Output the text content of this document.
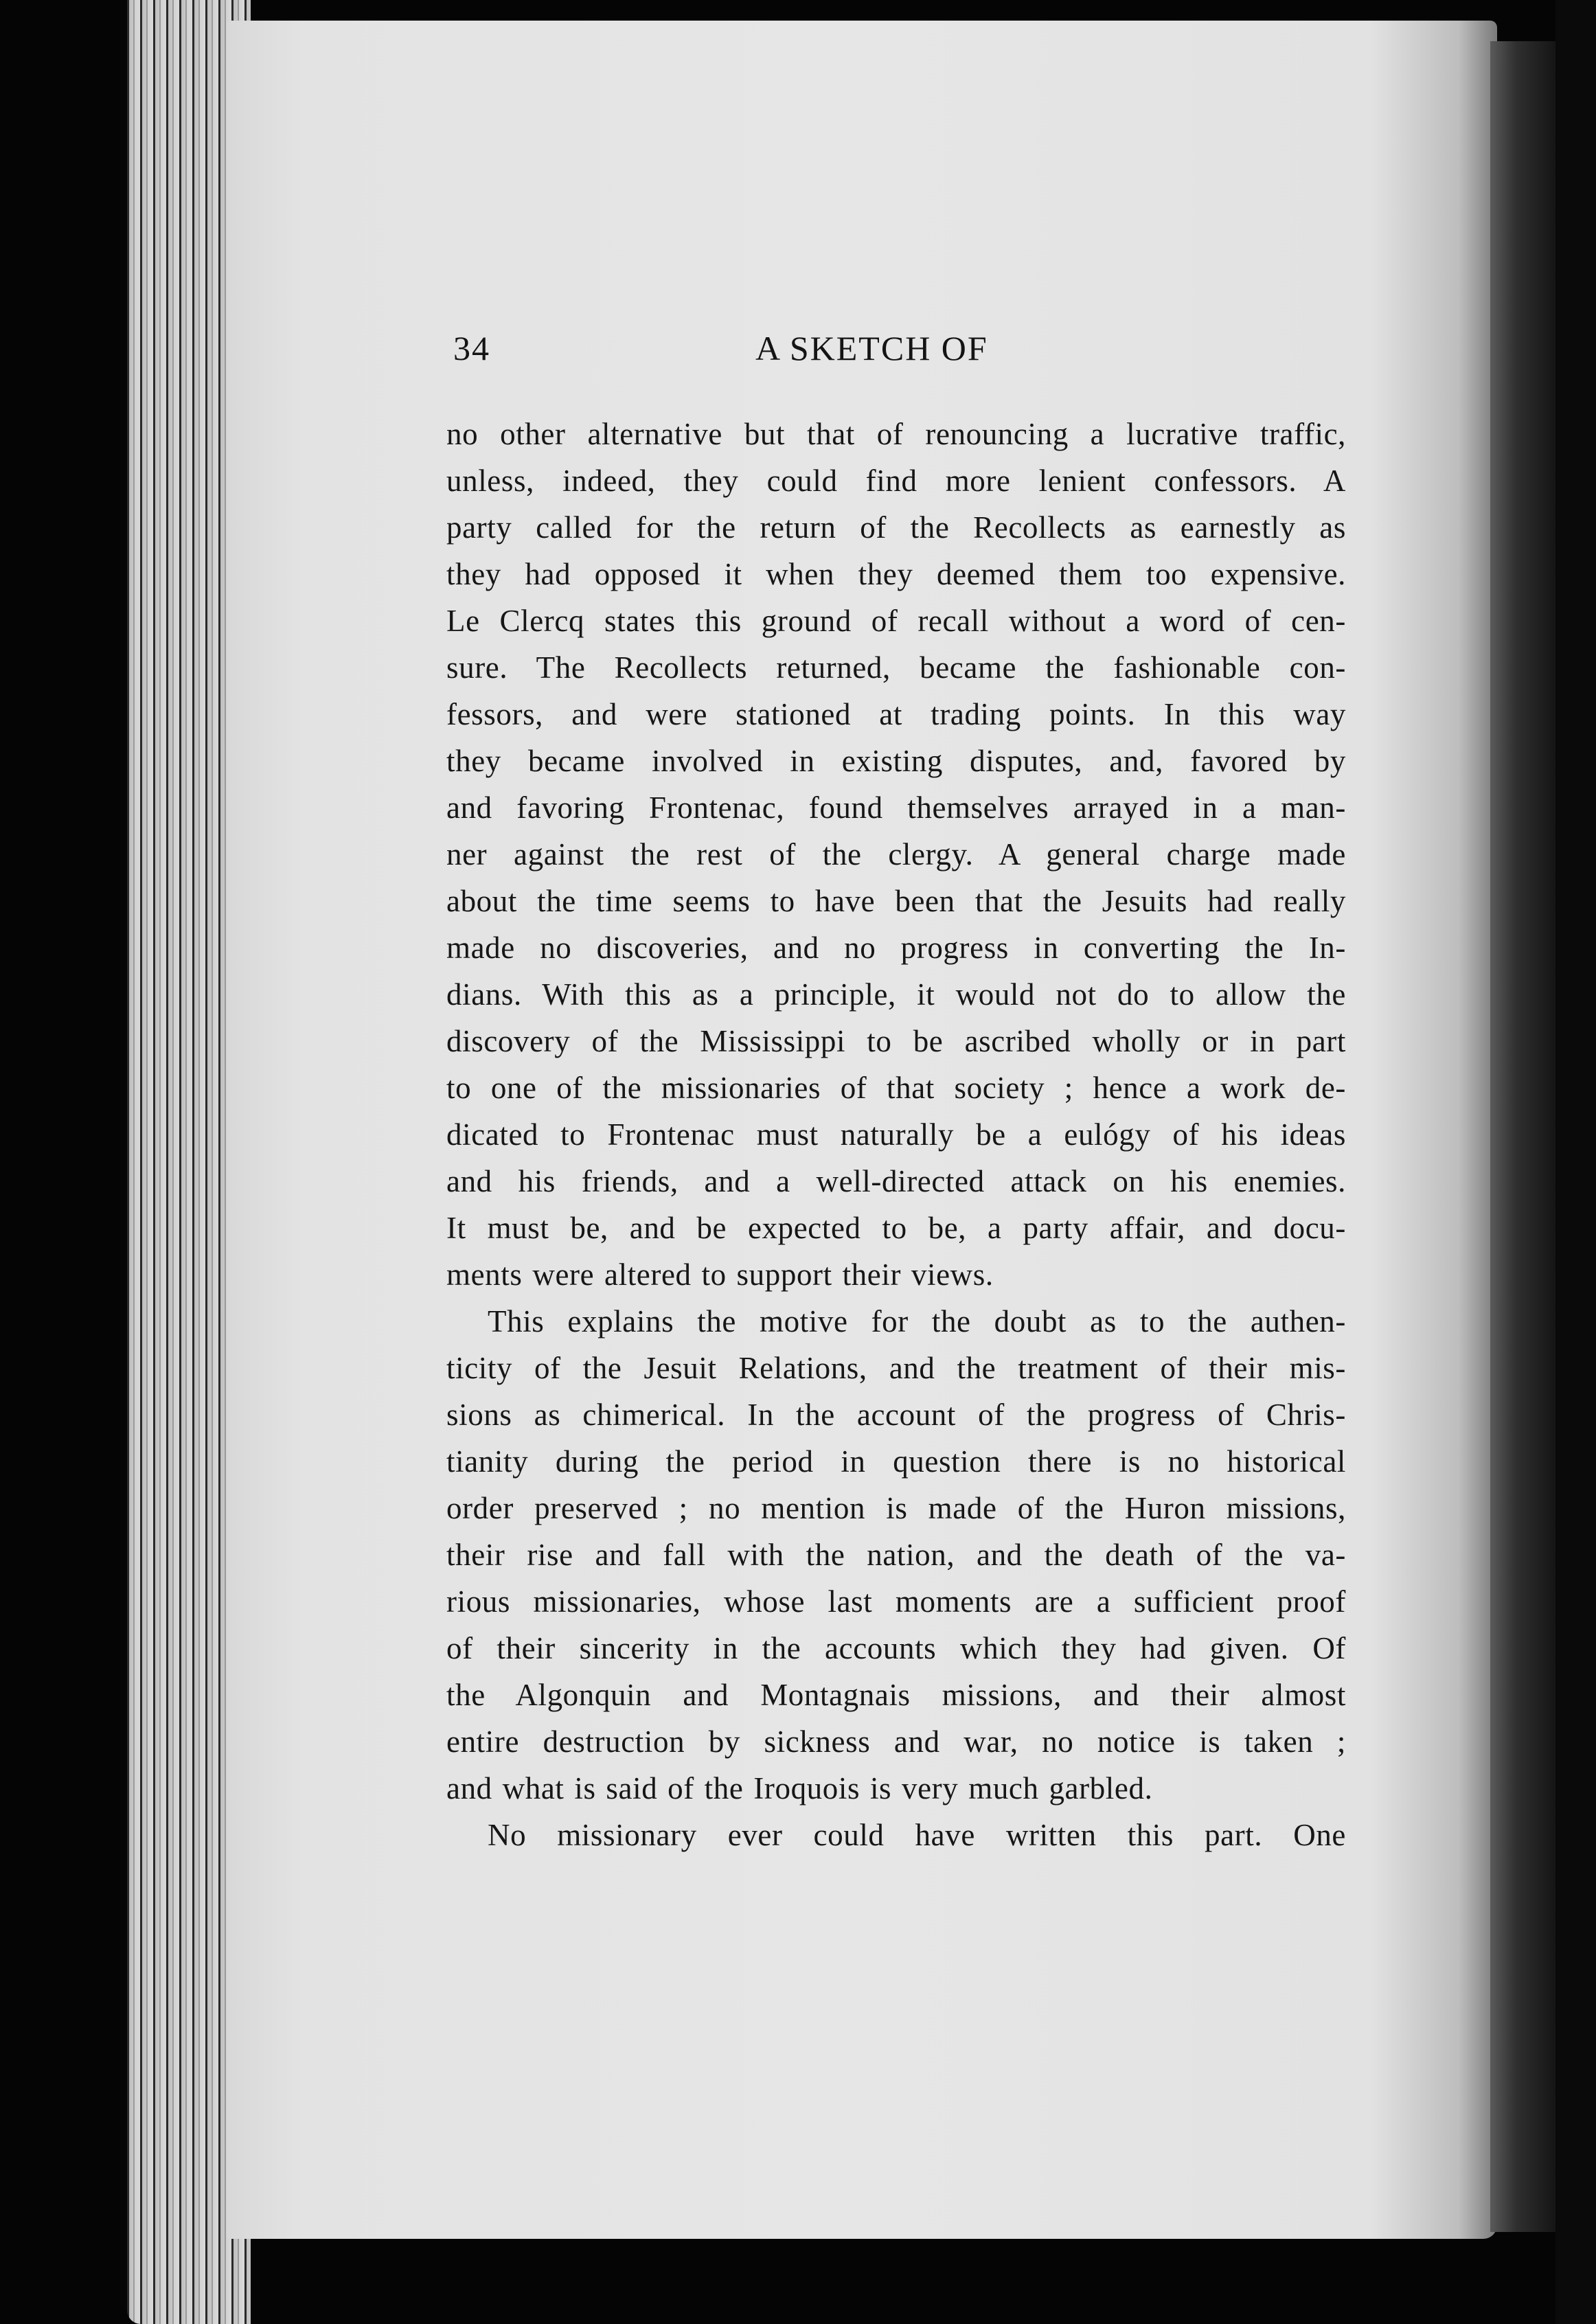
34	A SKETCH OF
no other alternative but that of renouncing a lucrative traffic,
unless, indeed, they could find more lenient confessors. A
party called for the return of the Recollects as earnestly as
they had opposed it when they deemed them too expensive.
Le Clercq states this ground of recall without a word of cen-
sure. The Recollects returned, became the fashionable con-
fessors, and were stationed at trading points. In this way
they became involved in existing disputes, and, favored by
and favoring Frontenac, found themselves arrayed in a man-
ner against the rest of the clergy. A general charge made
about the time seems to have been that the Jesuits had really
made no discoveries, and no progress in converting the In-
dians. With this as a principle, it would not do to allow the
discovery of the Mississippi to be ascribed wholly or in part
to one of the missionaries of that society ; hence a work de-
dicated to Frontenac must naturally be a eulógy of his ideas
and his friends, and a well-directed attack on his enemies.
It must be, and be expected to be, a party affair, and docu-
ments were altered to support their views.
This explains the motive for the doubt as to the authen-
ticity of the Jesuit Relations, and the treatment of their mis-
sions as chimerical. In the account of the progress of Chris-
tianity during the period in question there is no historical
order preserved ; no mention is made of the Huron missions,
their rise and fall with the nation, and the death of the va-
rious missionaries, whose last moments are a sufficient proof
of their sincerity in the accounts which they had given. Of
the Algonquin and Montagnais missions, and their almost
entire destruction by sickness and war, no notice is taken ;
and what is said of the Iroquois is very much garbled.
No missionary ever could have written this part. One
